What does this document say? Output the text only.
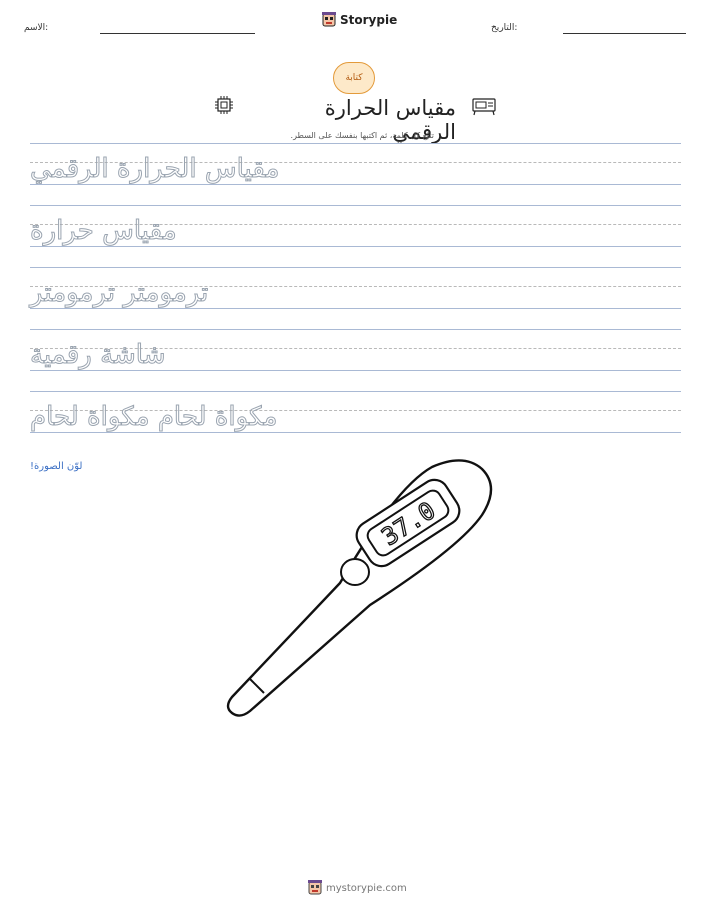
الاسم:
Storypie
التاريخ:
كتابة
مقياس الحرارة الرقمي
تتبّع كل كلمة، ثم اكتبها بنفسك على السطر.
مقياس الحرارة الرقمي
مقياس حرارة
ترمومتر ترمومتر
شاشة رقمية
مكواة لحام مكواة لحام
لوّن الصورة!
37.0
mystorypie.com
